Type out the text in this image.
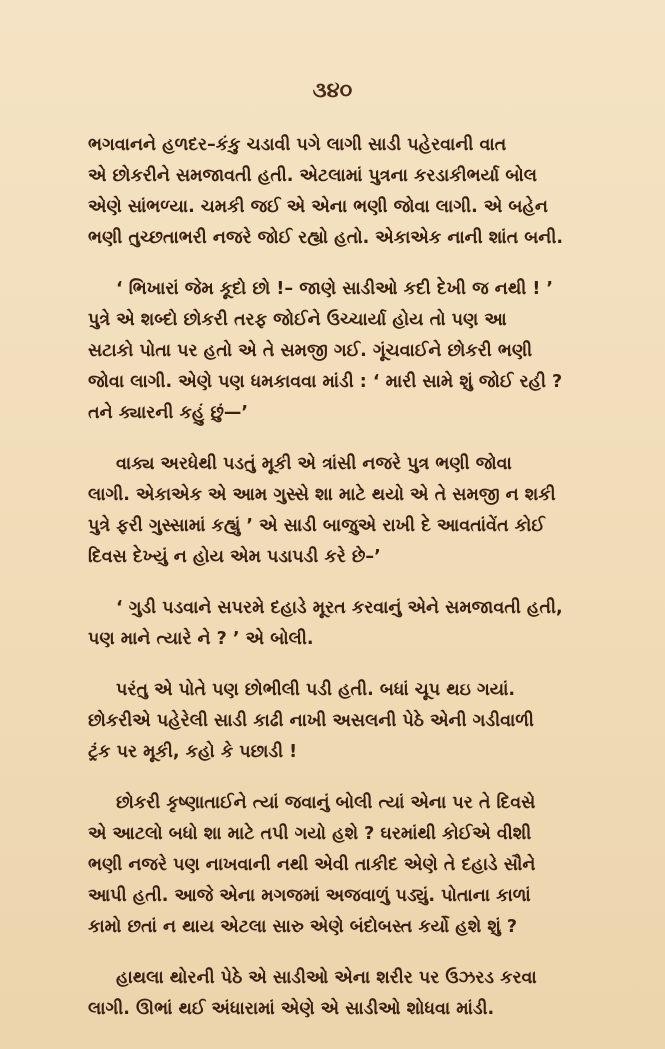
૩૪૦

ભગવાનને હળદર–કંકુ ચડાવી પગે લાગી સાડી પહેરવાની વાત
એ છોકરીને સમજાવતી હતી. એટલામાં પુત્રના કરડાકીભર્યા બોલ
એણે સાંભળ્યા. ચમકી જઈ એ એના ભણી જોવા લાગી. એ બહેન
ભણી તુચ્છતાભરી નજરે જોઈ રહ્યો હતો. એકાએક નાની શાંત બની.

‘ ભિખારાં જેમ કૂદો છો !– જાણે સાડીઓ કદી દેખી જ નથી ! ’
પુત્રે એ શબ્દો છોકરી તરફ જોઈને ઉચ્ચાર્યા હોય તો પણ આ
સટાકો પોતા પર હતો એ તે સમજી ગઈ. ગૂંચવાઈને છોકરી ભણી
જોવા લાગી. એણે પણ ધમકાવવા માંડી : ‘ મારી સામે શું જોઈ રહી ?
તને ક્યારની કહું છું—’

વાક્ય અરધેથી પડતું મૂકી એ ત્રાંસી નજરે પુત્ર ભણી જોવા
લાગી. એકાએક એ આમ ગુસ્સે શા માટે થયો એ તે સમજી ન શકી
પુત્રે ફરી ગુસ્સામાં કહ્યું ’ એ સાડી બાજુએ રાખી દે આવતાંવેંત કોઈ
દિવસ દેખ્યું ન હોય એમ પડાપડી કરે છે–’

‘ ગુડી પડવાને સપરમે દહાડે મૂરત કરવાનું એને સમજાવતી હતી,
પણ માને ત્યારે ને ? ’ એ બોલી.

પરંતુ એ પોતે પણ છોભીલી પડી હતી. બધાં ચૂપ થઇ ગયાં.
છોકરીએ પહેરેલી સાડી કાઢી નાખી અસલની પેઠે એની ગડીવાળી
ટ્રંક પર મૂકી, કહો કે પછાડી !

છોકરી કૃષ્ણાતાઈને ત્યાં જવાનું બોલી ત્યાં એના પર તે દિવસે
એ આટલો બધો શા માટે તપી ગયો હશે ? ઘરમાંથી કોઈએ વીશી
ભણી નજરે પણ નાખવાની નથી એવી તાકીદ એણે તે દહાડે સૌને
આપી હતી. આજે એના મગજમાં અજવાળું પડ્યું. પોતાના કાળાં
કામો છતાં ન થાય એટલા સારુ એણે બંદોબસ્ત કર્યો હશે શું ?

હાથલા થોરની પેઠે એ સાડીઓ એના શરીર પર ઉઝરડ કરવા
લાગી. ઊભાં થઈ અંધારામાં એણે એ સાડીઓ શોધવા માંડી.
